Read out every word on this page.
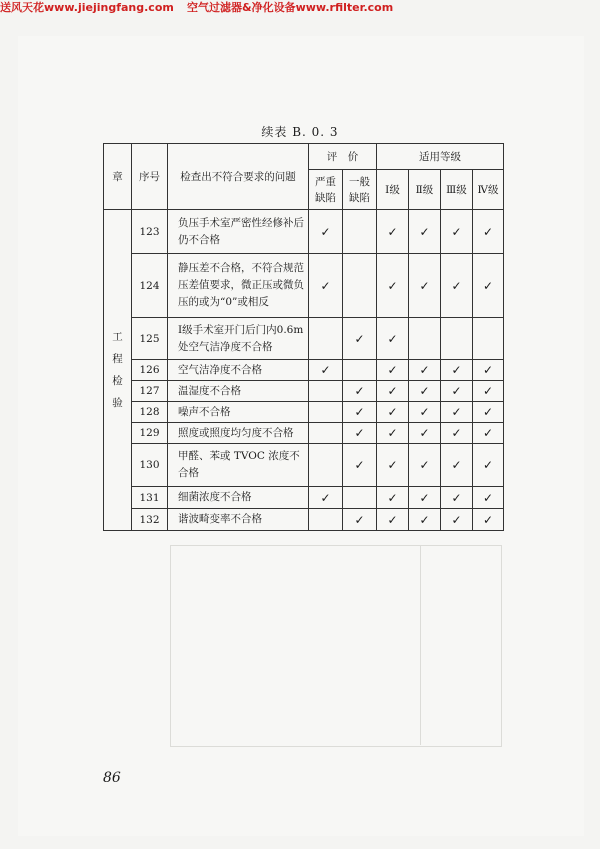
送风天花www.jiejingfang.com 空气过滤器&净化设备www.rfilter.com
续表 B. 0. 3
章	序号	检查出不符合要求的问题	评　价		适用等级			
			严重缺陷	一般缺陷	Ⅰ级	Ⅱ级	Ⅲ级	Ⅳ级

工
程
检
验	123	负压手术室严密性经修补后仍不合格	✓		✓	✓	✓	✓
	124	静压差不合格，不符合规范压差值要求，微正压或微负压的或为“0”或相反	✓		✓	✓	✓	✓
	125	Ⅰ级手术室开门后门内0.6m处空气洁净度不合格		✓	✓			
	126	空气洁净度不合格	✓		✓	✓	✓	✓
	127	温湿度不合格		✓	✓	✓	✓	✓
	128	噪声不合格		✓	✓	✓	✓	✓
	129	照度或照度均匀度不合格		✓	✓	✓	✓	✓
	130	甲醛、苯或 TVOC 浓度不合格		✓	✓	✓	✓	✓
	131	细菌浓度不合格	✓		✓	✓	✓	✓
	132	谐波畸变率不合格		✓	✓	✓	✓	✓
86
